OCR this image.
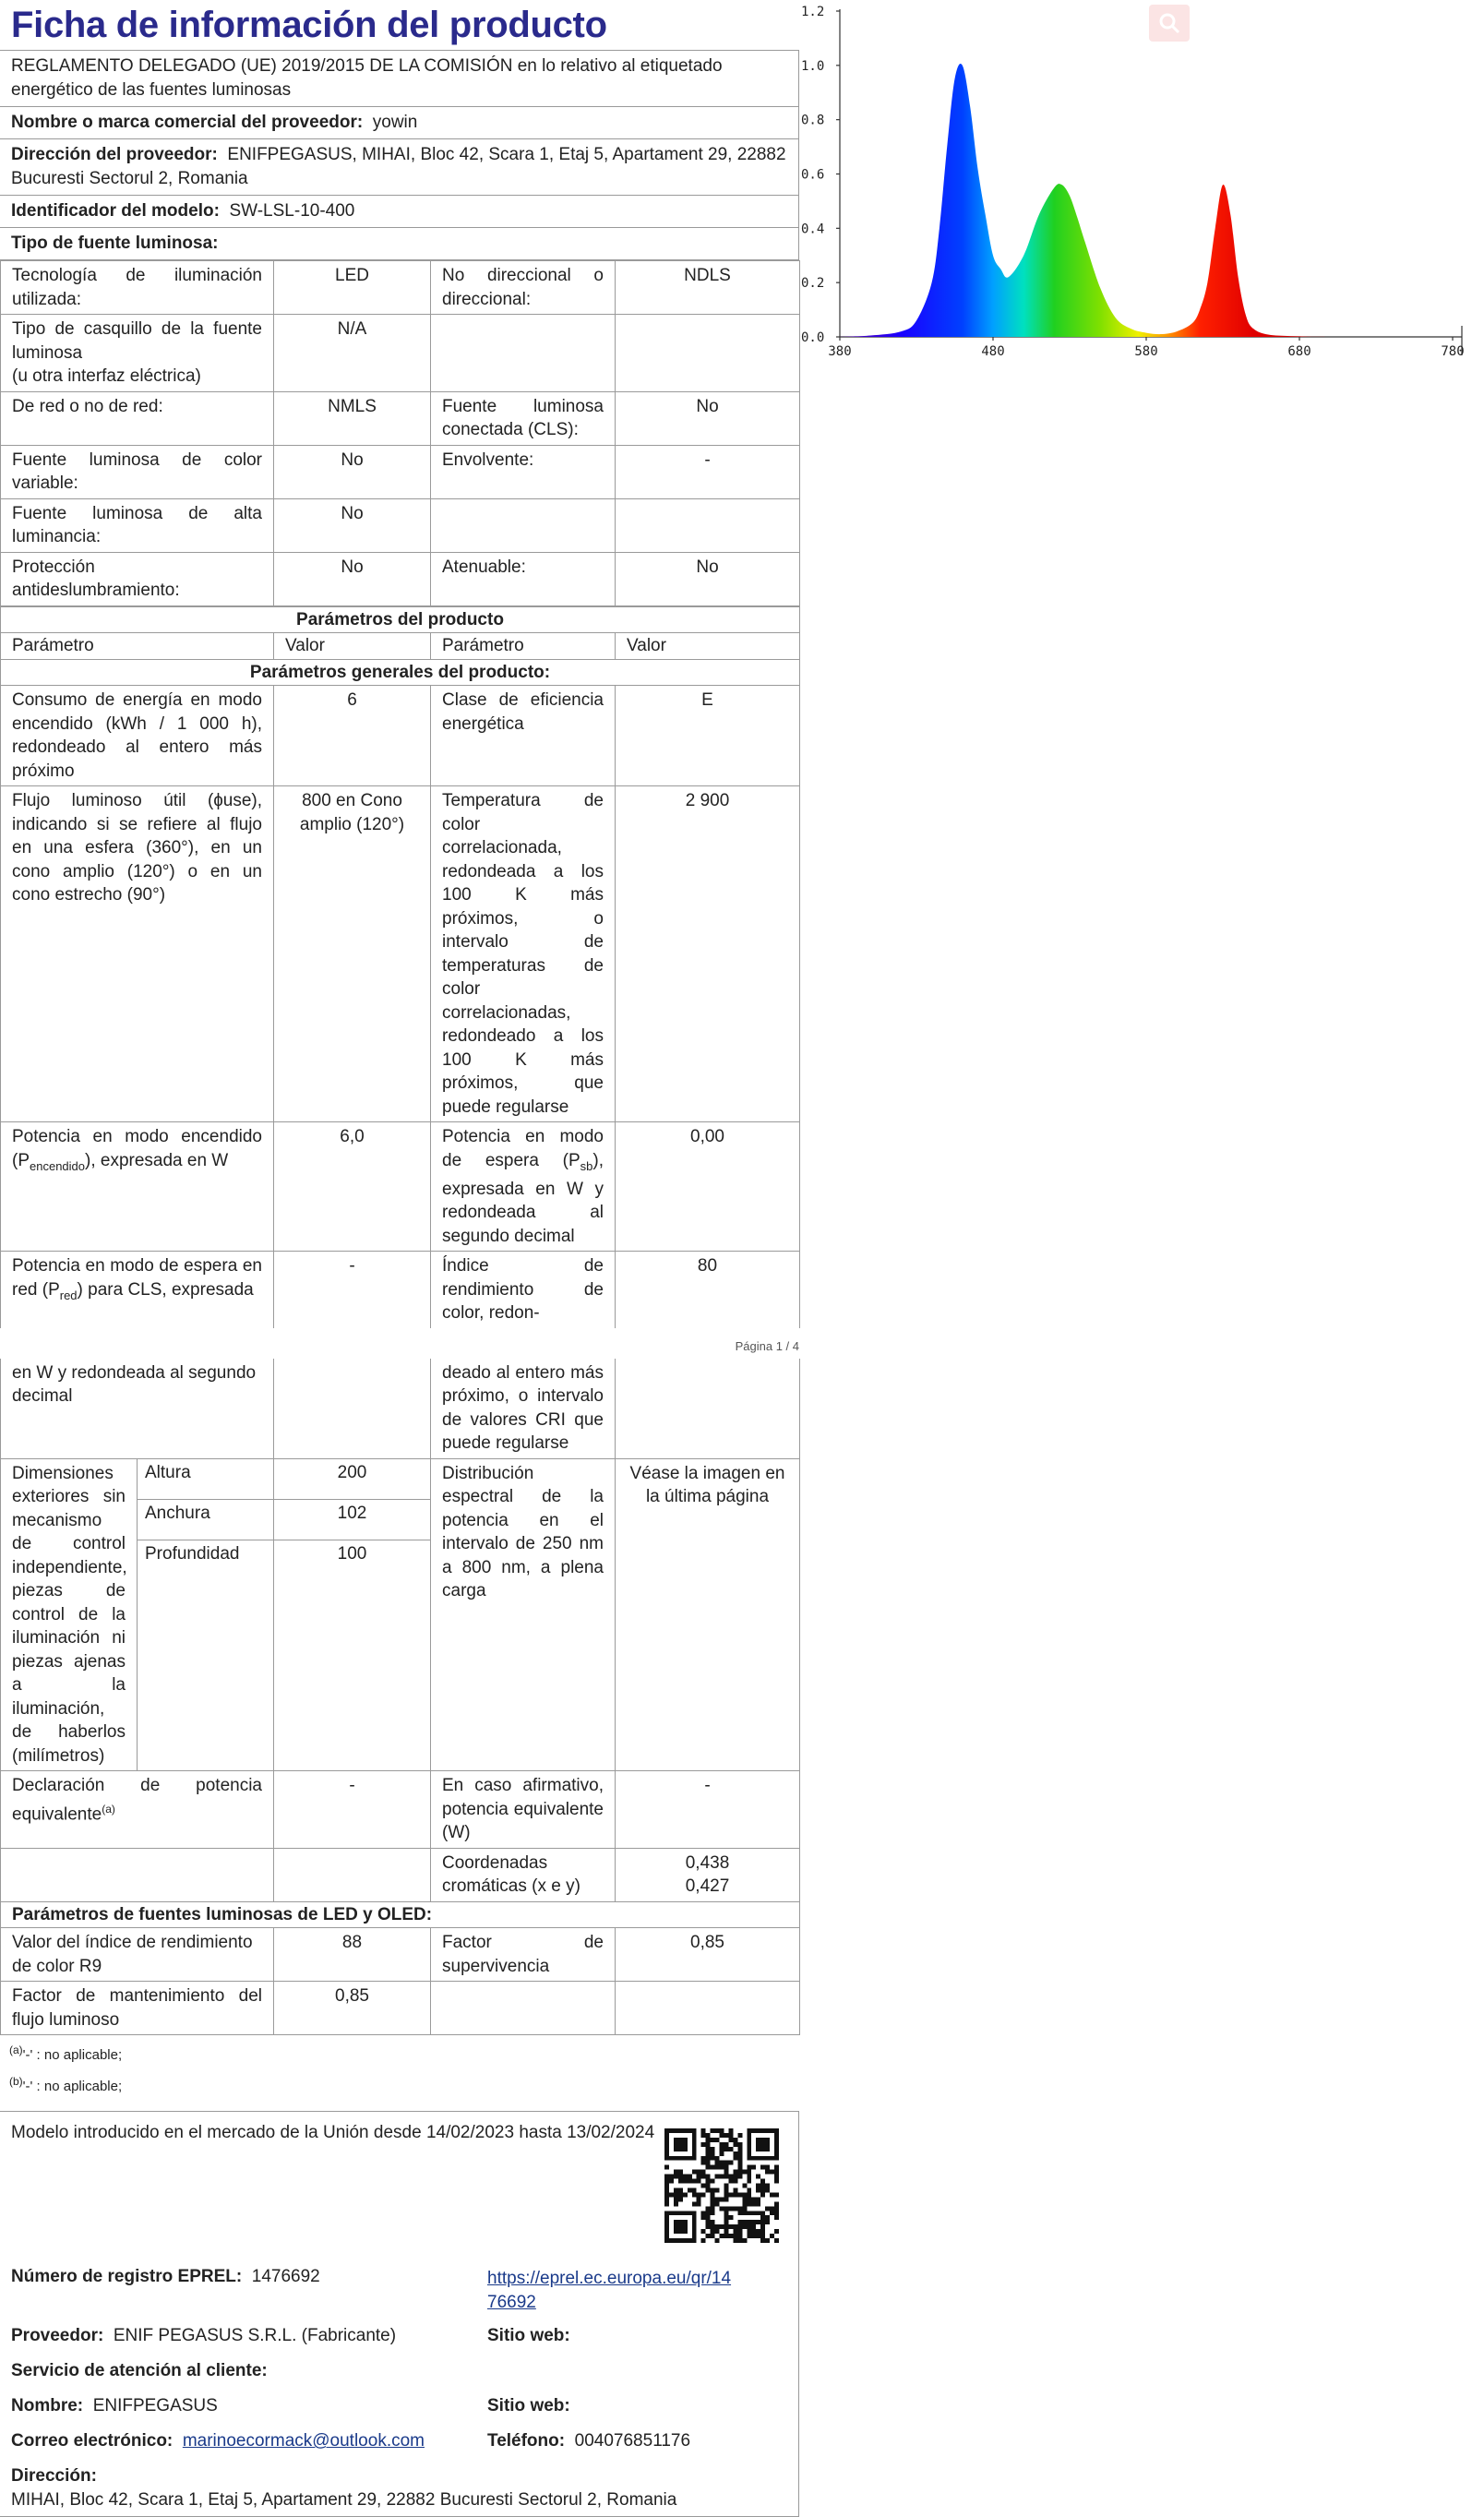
Ficha de información del producto
REGLAMENTO DELEGADO (UE) 2019/2015 DE LA COMISIÓN en lo relativo al etiquetado energético de las fuentes luminosas
Nombre o marca comercial del proveedor: yowin
Dirección del proveedor: ENIFPEGASUS, MIHAI, Bloc 42, Scara 1, Etaj 5, Apartament 29, 22882 Bucuresti Sectorul 2, Romania
Identificador del modelo: SW-LSL-10-400
Tipo de fuente luminosa:
Tecnología de iluminación utilizada:	LED	No direccional o direccional:	NDLS

Tipo de casquillo de la fuente luminosa
(u otra interfaz eléctrica)	N/A		

De red o no de red:	NMLS	Fuente luminosa conectada (CLS):	No

Fuente luminosa de color variable:	No	Envolvente:	-

Fuente luminosa de alta luminancia:	No		

Protección antideslumbramiento:	No	Atenuable:	No
Parámetros del producto			
Parámetro	Valor	Parámetro	Valor
Parámetros generales del producto:			
Consumo de energía en modo encendido (kWh / 1 000 h), redondeado al entero más próximo	6	Clase de eficiencia energética	E
Flujo luminoso útil (ɸuse), indicando si se refiere al flujo en una esfera (360°), en un cono amplio (120°) o en un cono estrecho (90°)	800 en Cono amplio (120°)	Temperatura de color correlacionada, redondeada a los 100 K más próximos, o intervalo de temperaturas de color correlacionadas, redondeado a los 100 K más próximos, que puede regularse	2 900
Potencia en modo encendido $(P_{encendido})$, expresada en W	6,0	Potencia en modo de espera $(P_{sb})$, expresada en W y redondeada al segundo decimal	0,00
Potencia en modo de espera en red $(P_{red})$ para CLS, expresada	-	Índice de rendimiento de color, redon-	80
Página 1 / 4
en W y redondeada al segundo decimal			deado al entero más próximo, o intervalo de valores CRI que puede regularse	
Dimensiones exteriores sin mecanismo de control independiente, piezas de control de la iluminación ni piezas ajenas a la iluminación, de haberlos (milímetros)	Altura	200	Distribución espectral de la potencia en el intervalo de 250 nm a 800 nm, a plena carga	Véase la imagen en la última página
	Anchura	102		
	Profundidad	100		
Declaración de potencia equivalente$^{(a)}$		-	En caso afirmativo, potencia equivalente (W)	-
			Coordenadas cromáticas (x e y)	0,438
0,427

Parámetros de fuentes luminosas de LED y OLED:				
Valor del índice de rendimiento de color R9		88	Factor de supervivencia	0,85
Factor de mantenimiento del flujo luminoso		0,85		
$^{(a)}$'-' : no aplicable;
$^{(b)}$'-' : no aplicable;
Modelo introducido en el mercado de la Unión desde 14/02/2023 hasta 13/02/2024
Número de registro EPREL: 1476692	https://eprel.ec.europa.eu/qr/14
76692
Proveedor: ENIF PEGASUS S.R.L. (Fabricante)	Sitio web:
Servicio de atención al cliente:
Nombre: ENIFPEGASUS	Sitio web:
Correo electrónico: marinoecormack@outlook.com	Teléfono: 004076851176
Dirección:
MIHAI, Bloc 42, Scara 1, Etaj 5, Apartament 29, 22882 Bucuresti Sectorul 2, Romania
0.0
0.2
0.4
0.6
0.8
1.0
1.2
380	480	580	680	780
